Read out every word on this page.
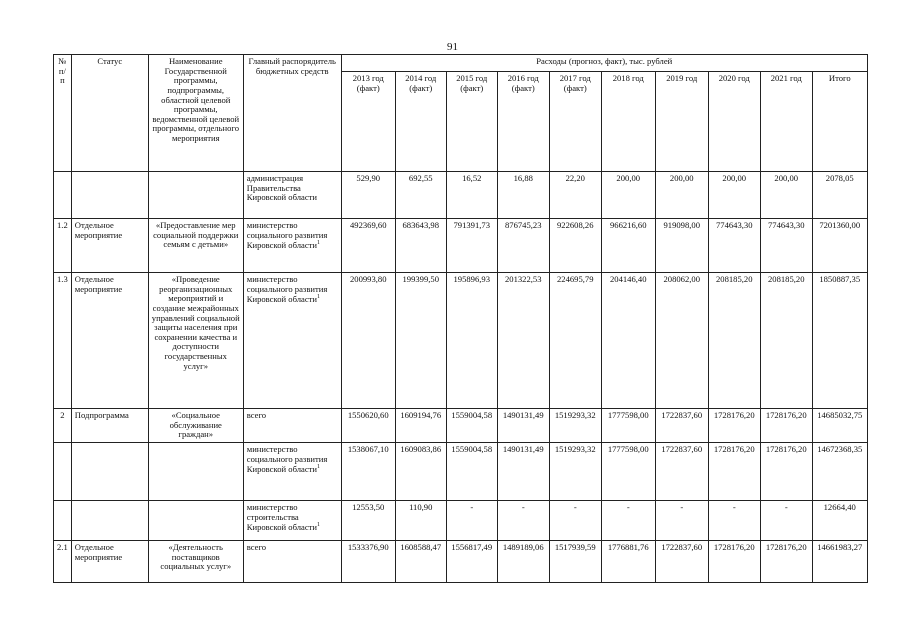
91
№ п/п	Статус	Наименование Государственной программы, подпрограммы, областной целевой программы, ведомственной целевой программы, отдельного мероприятия	Главный распорядитель бюджетных средств	Расходы (прогноз, факт), тыс. рублей									
				2013 год (факт)	2014 год (факт)	2015 год (факт)	2016 год (факт)	2017 год (факт)	2018 год	2019 год	2020 год	2021 год	Итого
			администрация Правительства Кировской области	529,90	692,55	16,52	16,88	22,20	200,00	200,00	200,00	200,00	2078,05
1.2	Отдельное мероприятие	«Предоставление мер социальной поддержки семьям с детьми»	министерство социального развития Кировской области$^1$	492369,60	683643,98	791391,73	876745,23	922608,26	966216,60	919098,00	774643,30	774643,30	7201360,00
1.3	Отдельное мероприятие	«Проведение реорганизационных мероприятий и создание межрайонных управлений социальной защиты населения при сохранении качества и доступности государственных услуг»	министерство социального развития Кировской области$^1$	200993,80	199399,50	195896,93	201322,53	224695,79	204146,40	208062,00	208185,20	208185,20	1850887,35
2	Подпрограмма	«Социальное обслуживание граждан»	всего	1550620,60	1609194,76	1559004,58	1490131,49	1519293,32	1777598,00	1722837,60	1728176,20	1728176,20	14685032,75
			министерство социального развития Кировской области$^1$	1538067,10	1609083,86	1559004,58	1490131,49	1519293,32	1777598,00	1722837,60	1728176,20	1728176,20	14672368,35
			министерство строительства Кировской области$^1$	12553,50	110,90	-	-	-	-	-	-	-	12664,40
2.1	Отдельное мероприятие	«Деятельность поставщиков социальных услуг»	всего	1533376,90	1608588,47	1556817,49	1489189,06	1517939,59	1776881,76	1722837,60	1728176,20	1728176,20	14661983,27
